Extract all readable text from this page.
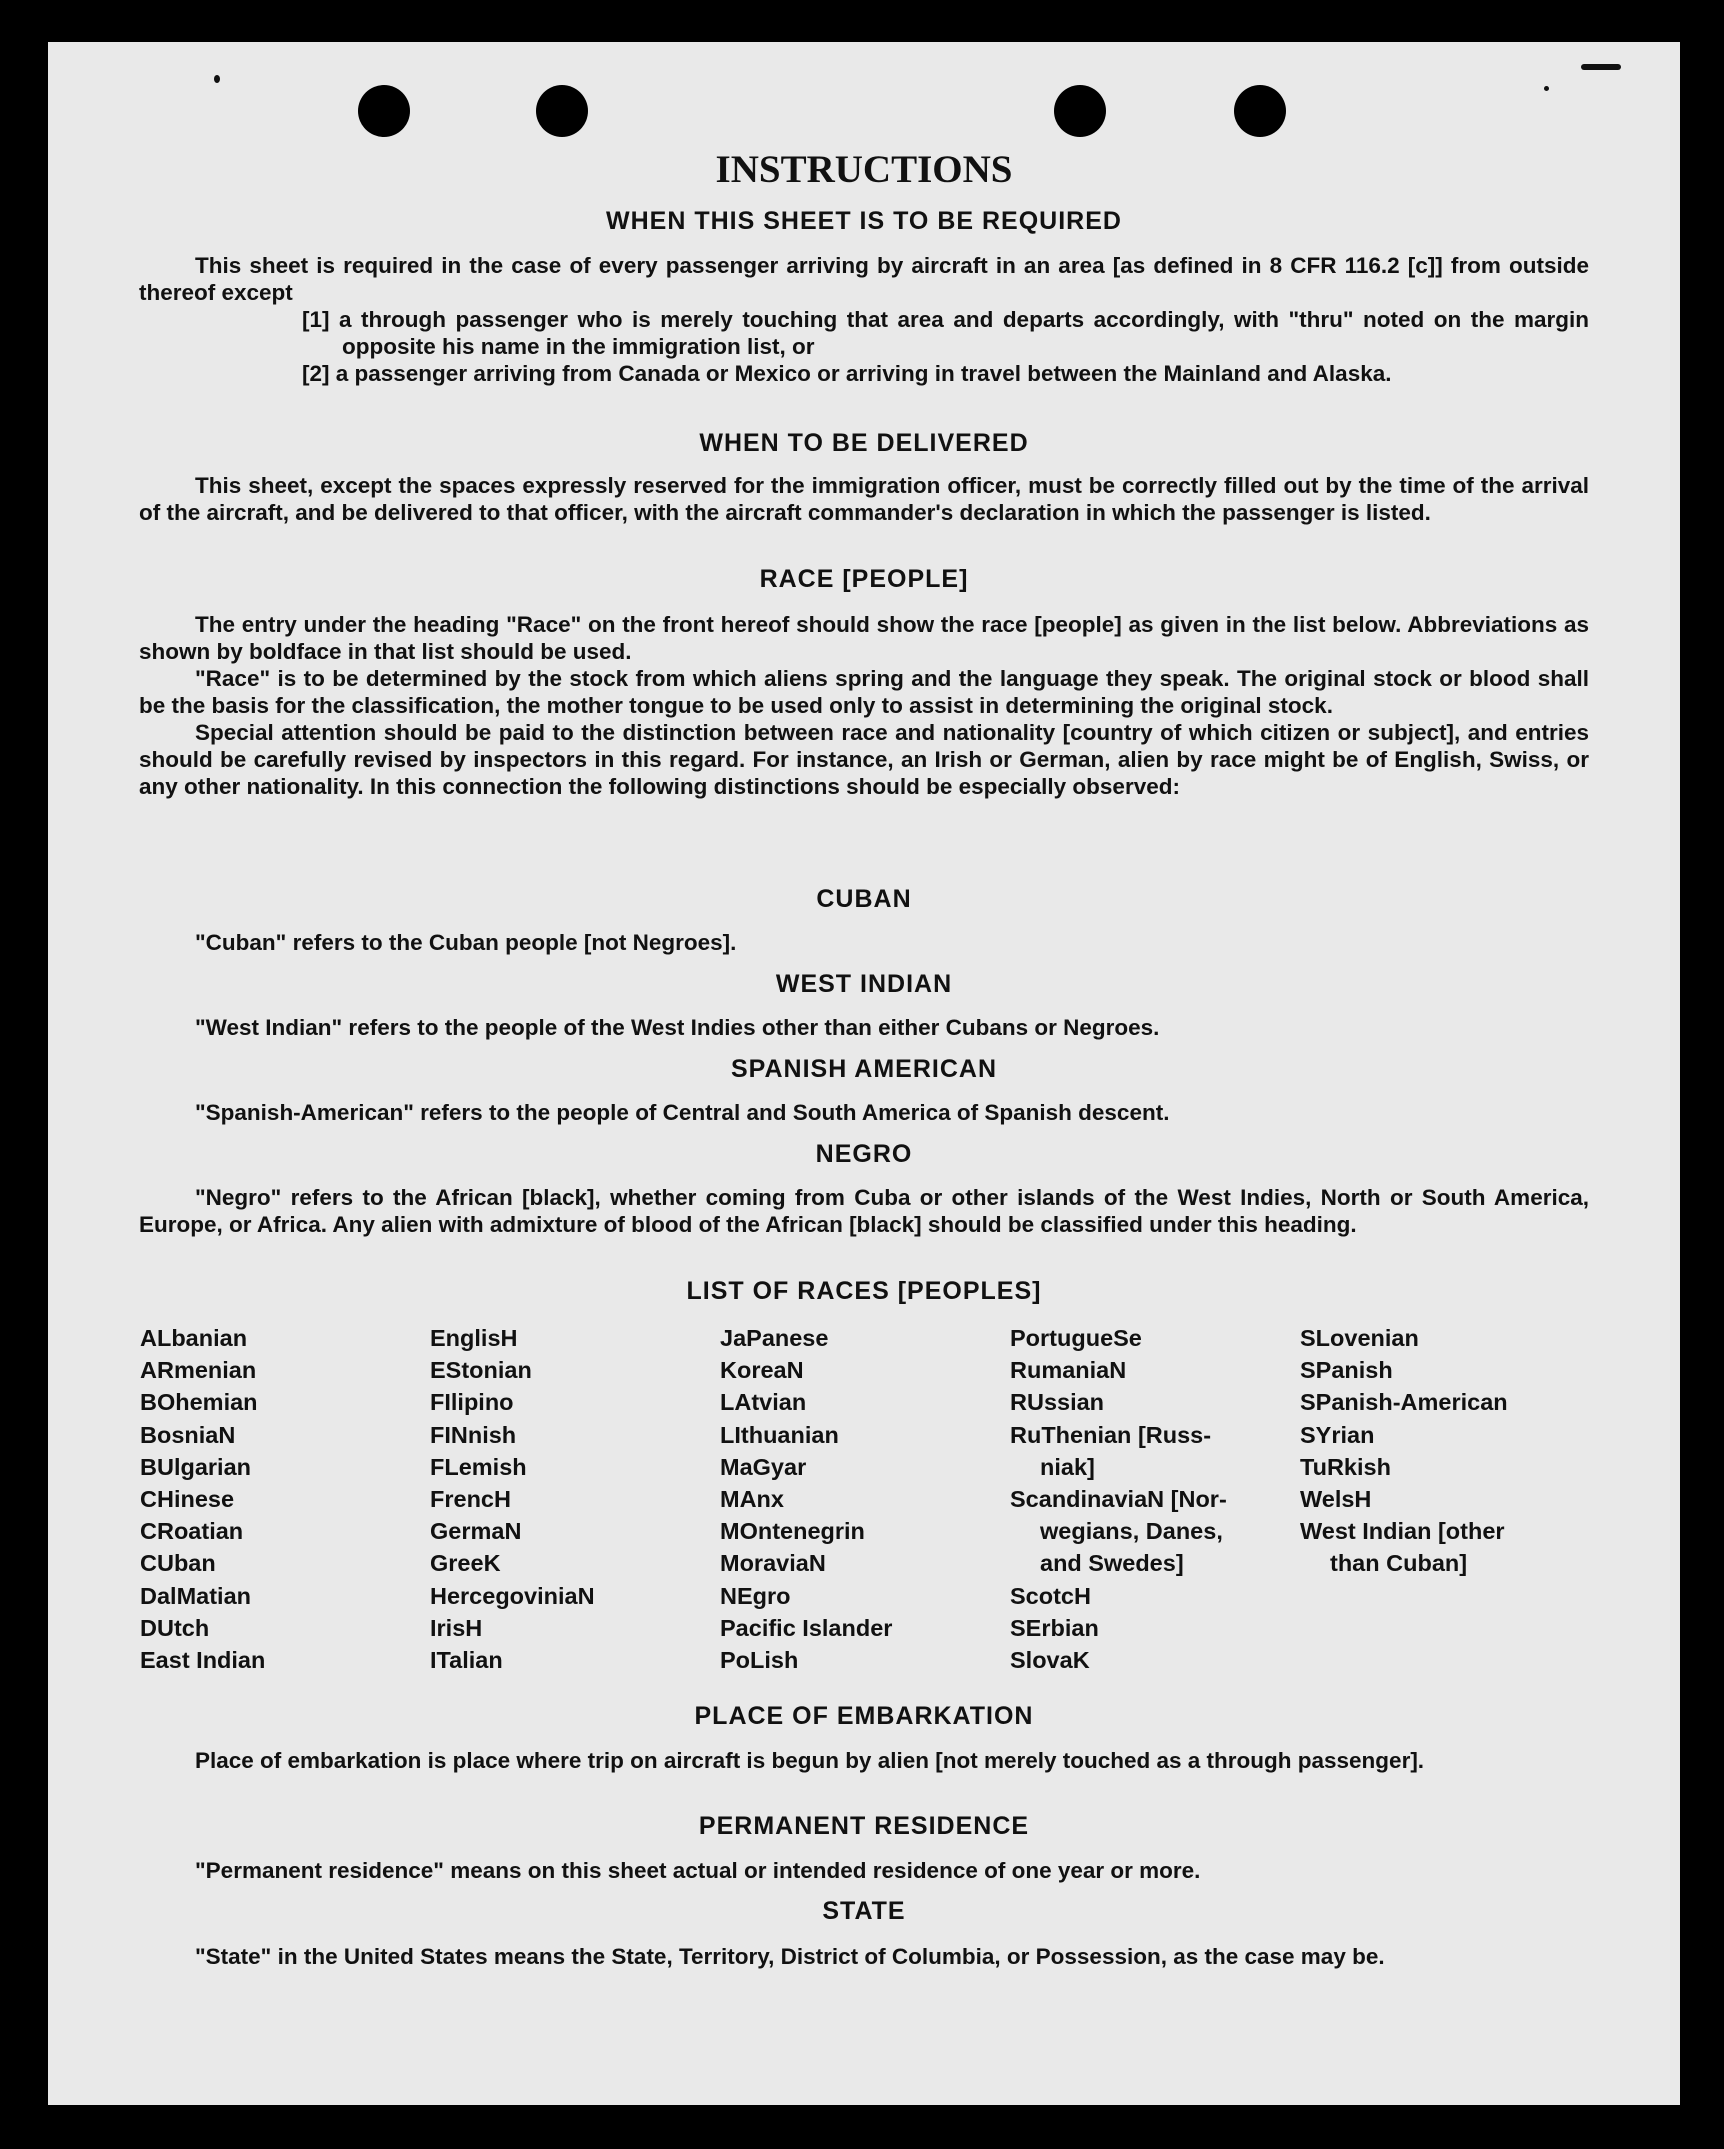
INSTRUCTIONS
WHEN THIS SHEET IS TO BE REQUIRED
This sheet is required in the case of every passenger arriving by aircraft in an area [as defined in 8 CFR 116.2 [c]] from outside thereof except
[1] a through passenger who is merely touching that area and departs accordingly, with "thru" noted on the margin opposite his name in the immigration list, or
[2] a passenger arriving from Canada or Mexico or arriving in travel between the Mainland and Alaska.
WHEN TO BE DELIVERED
This sheet, except the spaces expressly reserved for the immigration officer, must be correctly filled out by the time of the arrival of the aircraft, and be delivered to that officer, with the aircraft commander's declaration in which the passenger is listed.
RACE [PEOPLE]
The entry under the heading "Race" on the front hereof should show the race [people] as given in the list below. Abbreviations as shown by boldface in that list should be used.
"Race" is to be determined by the stock from which aliens spring and the language they speak. The original stock or blood shall be the basis for the classification, the mother tongue to be used only to assist in determining the original stock.
Special attention should be paid to the distinction between race and nationality [country of which citizen or subject], and entries should be carefully revised by inspectors in this regard. For instance, an Irish or German, alien by race might be of English, Swiss, or any other nationality. In this connection the following distinctions should be especially observed:
CUBAN
"Cuban" refers to the Cuban people [not Negroes].
WEST INDIAN
"West Indian" refers to the people of the West Indies other than either Cubans or Negroes.
SPANISH AMERICAN
"Spanish-American" refers to the people of Central and South America of Spanish descent.
NEGRO
"Negro" refers to the African [black], whether coming from Cuba or other islands of the West Indies, North or South America, Europe, or Africa. Any alien with admixture of blood of the African [black] should be classified under this heading.
LIST OF RACES [PEOPLES]
ALbanian
ARmenian
BOhemian
BosniaN
BUlgarian
CHinese
CRoatian
CUban
DalMatian
DUtch
East Indian
EnglisH
EStonian
FIlipino
FINnish
FLemish
FrencH
GermaN
GreeK
HercegoviniaN
IrisH
ITalian
JaPanese
KoreaN
LAtvian
LIthuanian
MaGyar
MAnx
MOntenegrin
MoraviaN
NEgro
Pacific Islander
PoLish
PortugueSe
RumaniaN
RUssian
RuThenian [Russ-
niak]
ScandinaviaN [Nor-
wegians, Danes,
and Swedes]
ScotcH
SErbian
SlovaK
SLovenian
SPanish
SPanish-American
SYrian
TuRkish
WelsH
West Indian [other
than Cuban]
PLACE OF EMBARKATION
Place of embarkation is place where trip on aircraft is begun by alien [not merely touched as a through passenger].
PERMANENT RESIDENCE
"Permanent residence" means on this sheet actual or intended residence of one year or more.
STATE
"State" in the United States means the State, Territory, District of Columbia, or Possession, as the case may be.
